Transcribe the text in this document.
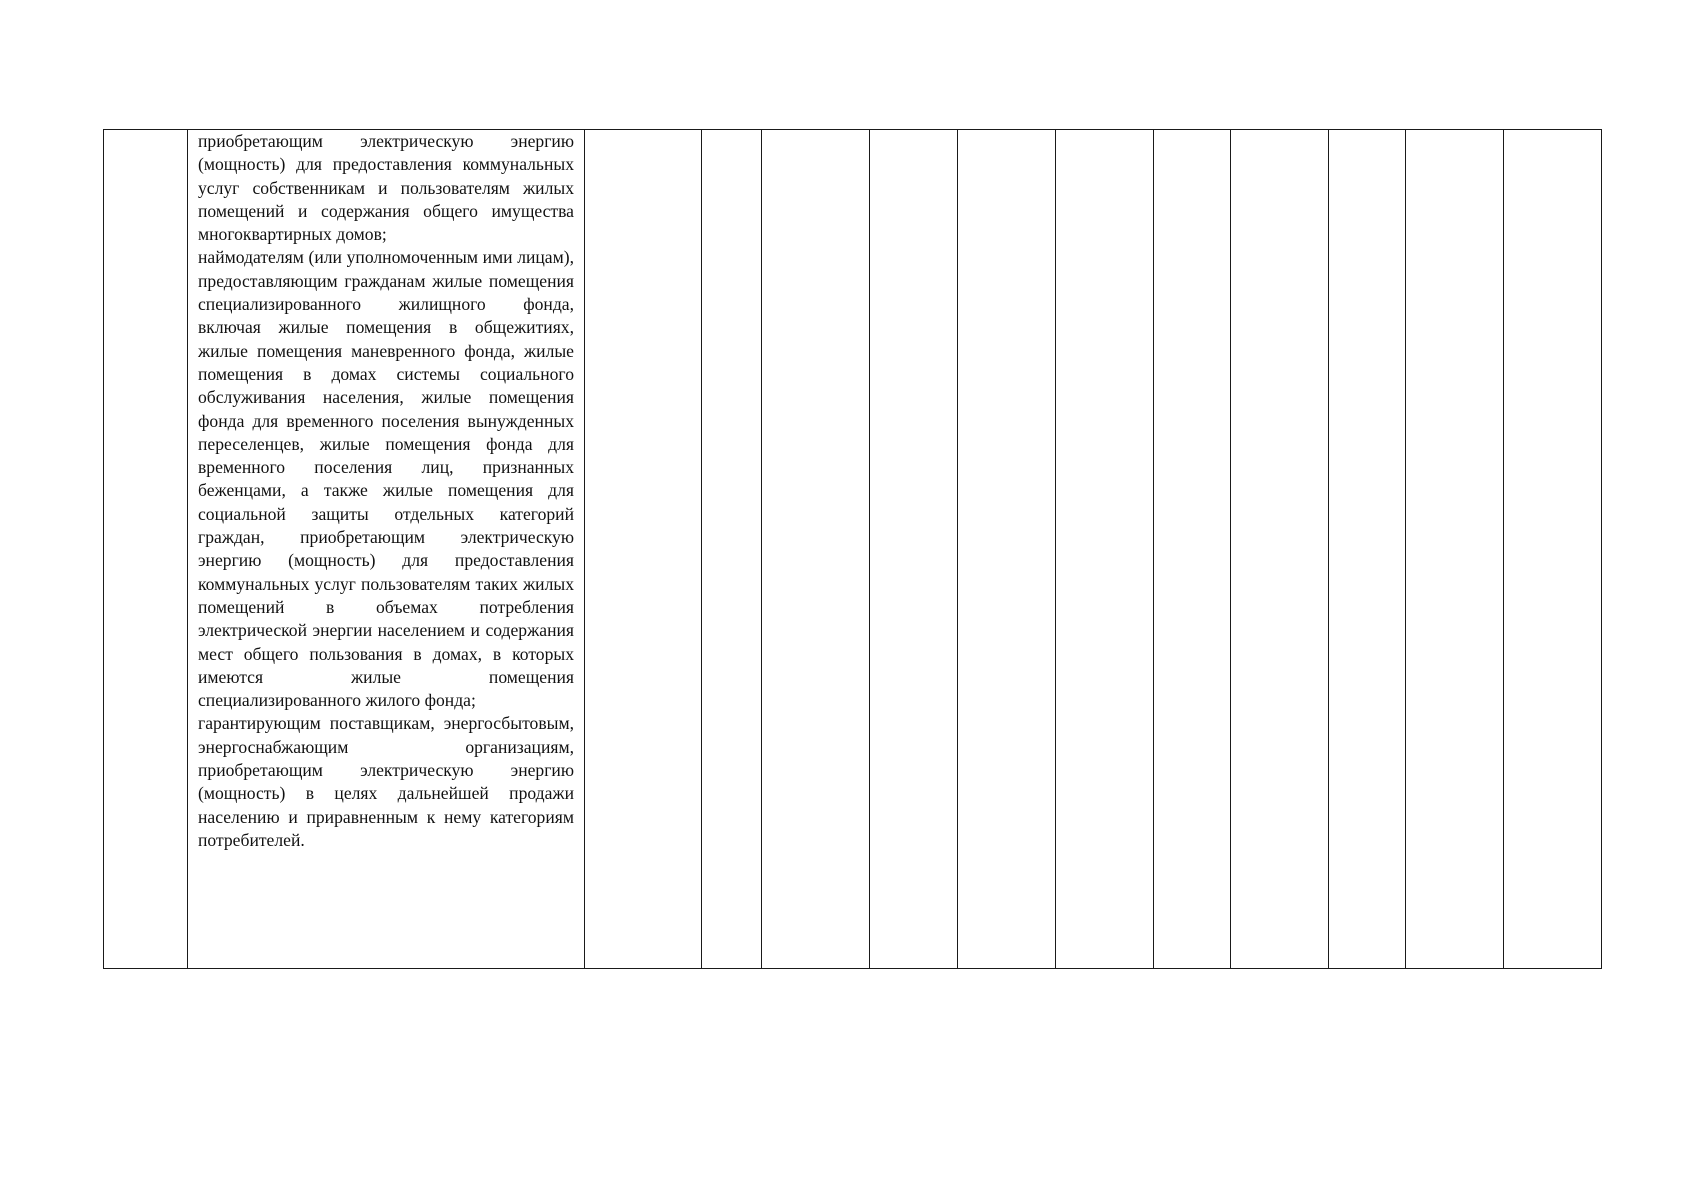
приобретающим электрическую энергию (мощность) для предоставления коммунальных услуг собственникам и пользователям жилых помещений и содержания общего имущества многоквартирных домов;

наймодателям (или уполномоченным ими лицам), предоставляющим гражданам жилые помещения специализированного жилищного фонда, включая жилые помещения в общежитиях, жилые помещения маневренного фонда, жилые помещения в домах системы социального обслуживания населения, жилые помещения фонда для временного поселения вынужденных переселенцев, жилые помещения фонда для временного поселения лиц, признанных беженцами, а также жилые помещения для социальной защиты отдельных категорий граждан, приобретающим электрическую энергию (мощность) для предоставления коммунальных услуг пользователям таких жилых помещений в объемах потребления электрической энергии населением и содержания мест общего пользования в домах, в которых имеются жилые помещения специализированного жилого фонда;

гарантирующим поставщикам, энергосбытовым, энергоснабжающим организациям, приобретающим электрическую энергию (мощность) в целях дальнейшей продажи населению и приравненным к нему категориям потребителей.
